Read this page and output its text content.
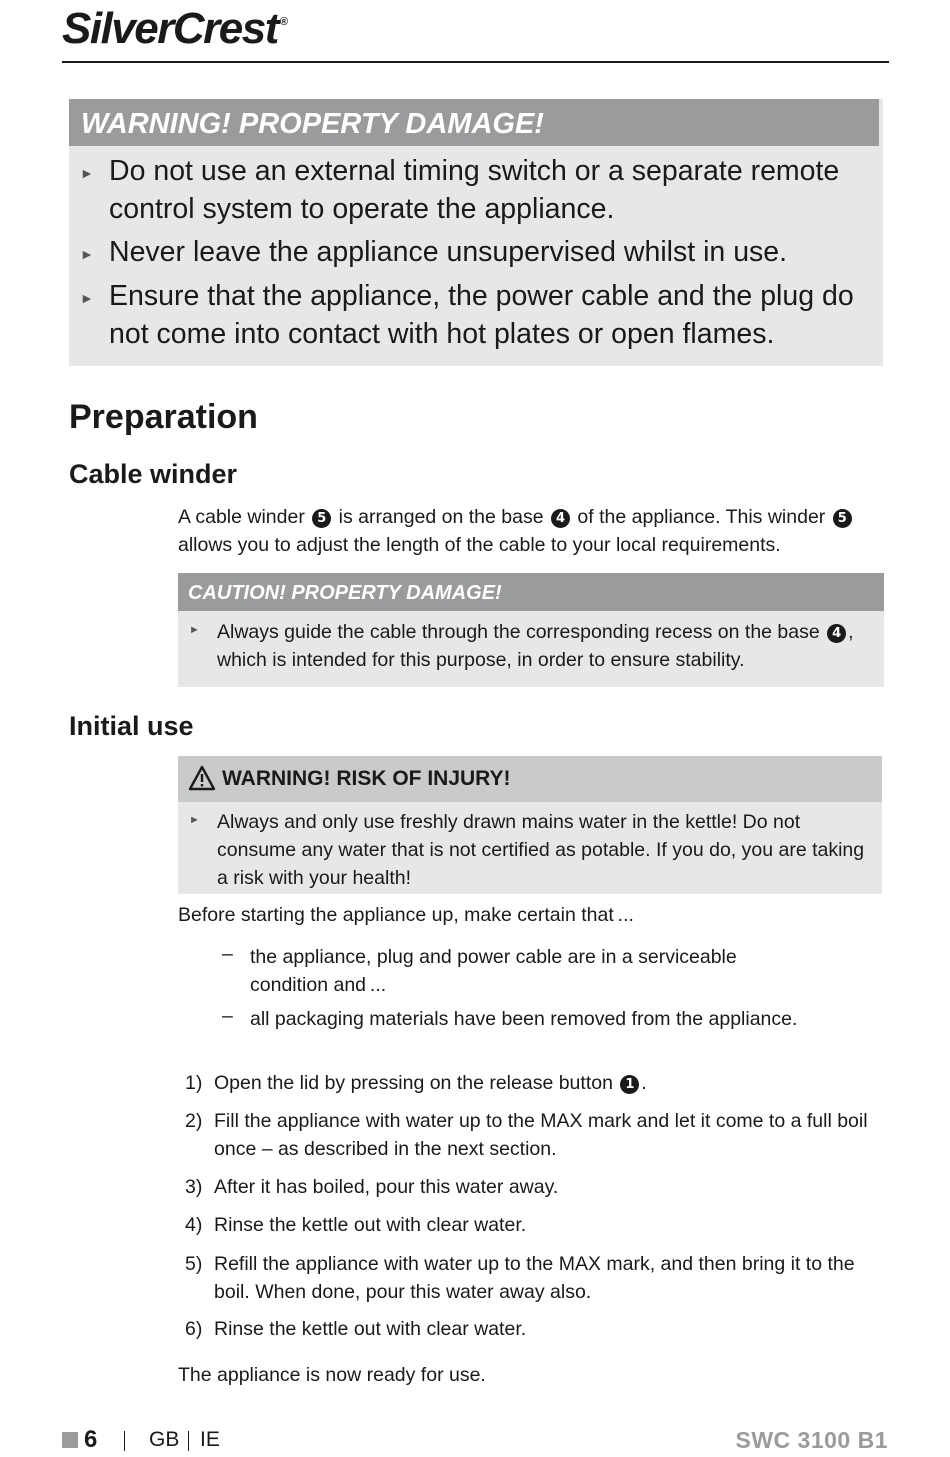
SilverCrest ®
WARNING! PROPERTY DAMAGE!
► Do not use an external timing switch or a separate remote control system to operate the appliance.
► Never leave the appliance unsupervised whilst in use.
► Ensure that the appliance, the power cable and the plug do not come into contact with hot plates or open flames.
Preparation
Cable winder
A cable winder 5 is arranged on the base 4 of the appliance. This winder 5 allows you to adjust the length of the cable to your local requirements.
CAUTION! PROPERTY DAMAGE!
► Always guide the cable through the corresponding recess on the base 4 , which is intended for this purpose, in order to ensure stability.
Initial use
WARNING! RISK OF INJURY!
► Always and only use freshly drawn mains water in the kettle! Do not consume any water that is not certified as potable. If you do, you are taking a risk with your health!
Before starting the appliance up, make certain that ...
– the appliance, plug and power cable are in a serviceable condition and ...
– all packaging materials have been removed from the appliance.
1) Open the lid by pressing on the release button 1 .
2) Fill the appliance with water up to the MAX mark and let it come to a full boil once – as described in the next section.
3) After it has boiled, pour this water away.
4) Rinse the kettle out with clear water.
5) Refill the appliance with water up to the MAX mark, and then bring it to the boil. When done, pour this water away also.
6) Rinse the kettle out with clear water.
The appliance is now ready for use.
6 GB IE	SWC 3100 B1
